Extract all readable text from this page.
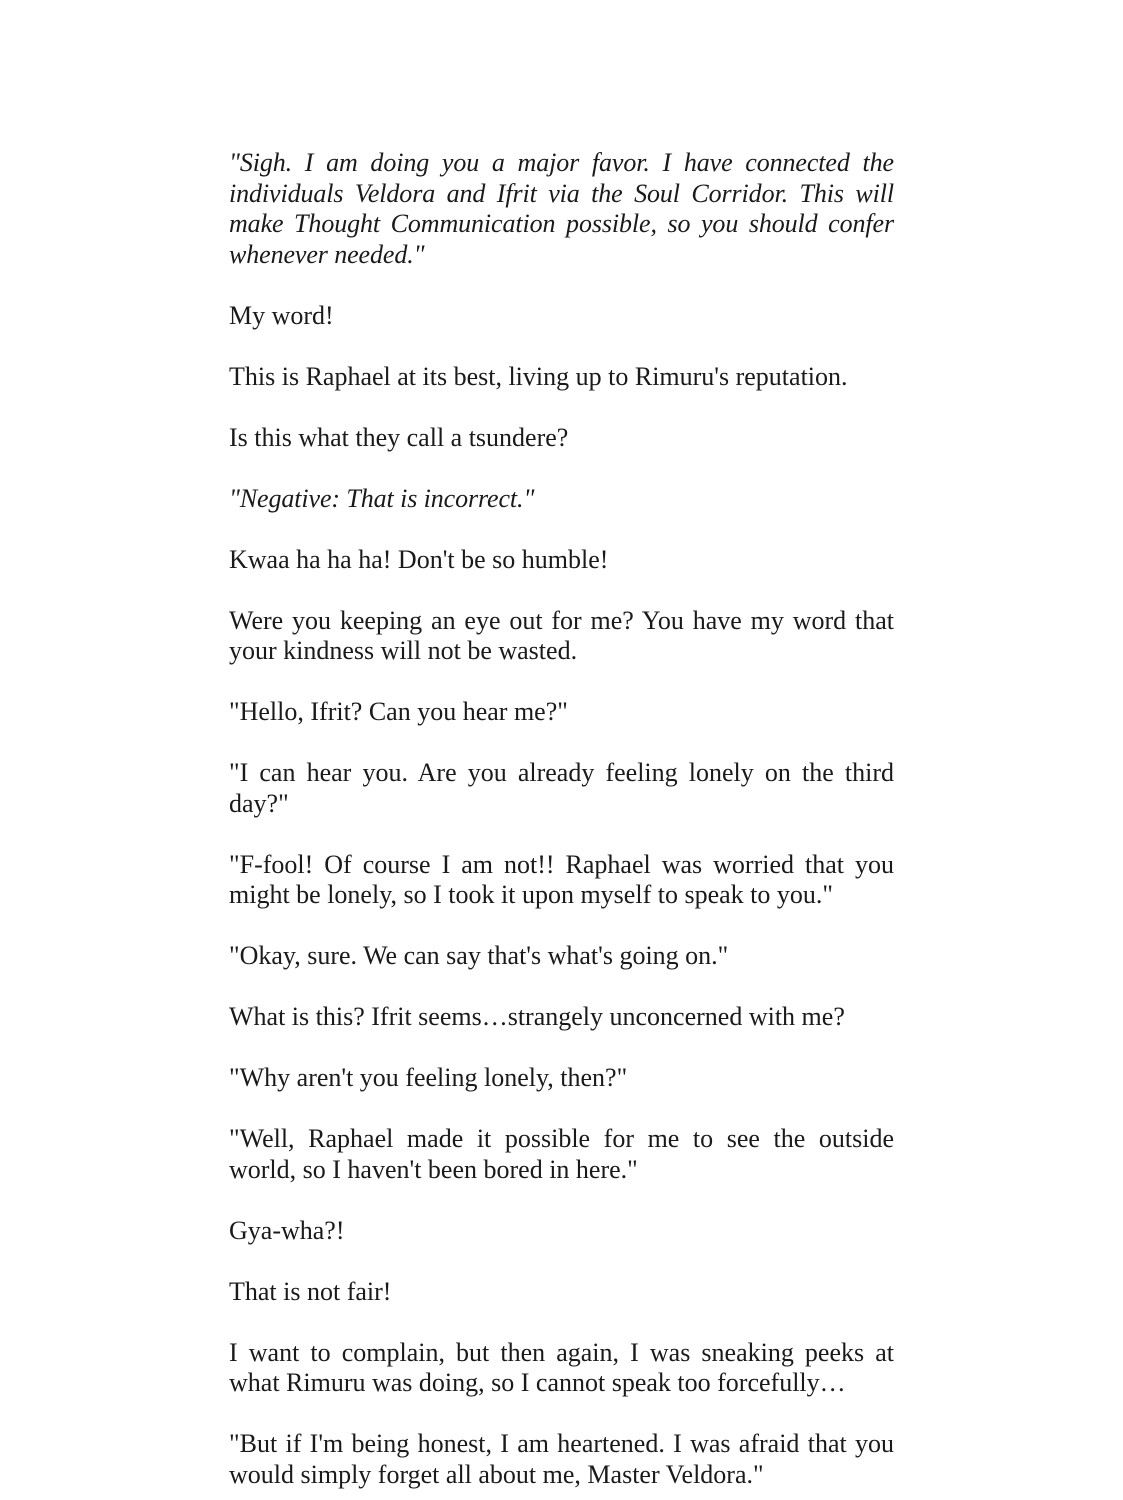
"Sigh. I am doing you a major favor. I have connected the individuals Veldora and Ifrit via the Soul Corridor. This will make Thought Communication possible, so you should confer whenever needed."

My word!

This is Raphael at its best, living up to Rimuru's reputation.

Is this what they call a tsundere?

"Negative: That is incorrect."

Kwaa ha ha ha! Don't be so humble!

Were you keeping an eye out for me? You have my word that your kindness will not be wasted.

"Hello, Ifrit? Can you hear me?"

"I can hear you. Are you already feeling lonely on the third day?"

"F-fool! Of course I am not!! Raphael was worried that you might be lonely, so I took it upon myself to speak to you."

"Okay, sure. We can say that's what's going on."

What is this? Ifrit seems…strangely unconcerned with me?

"Why aren't you feeling lonely, then?"

"Well, Raphael made it possible for me to see the outside world, so I haven't been bored in here."

Gya-wha?!

That is not fair!

I want to complain, but then again, I was sneaking peeks at what Rimuru was doing, so I cannot speak too forcefully…

"But if I'm being honest, I am heartened. I was afraid that you would simply forget all about me, Master Veldora."
